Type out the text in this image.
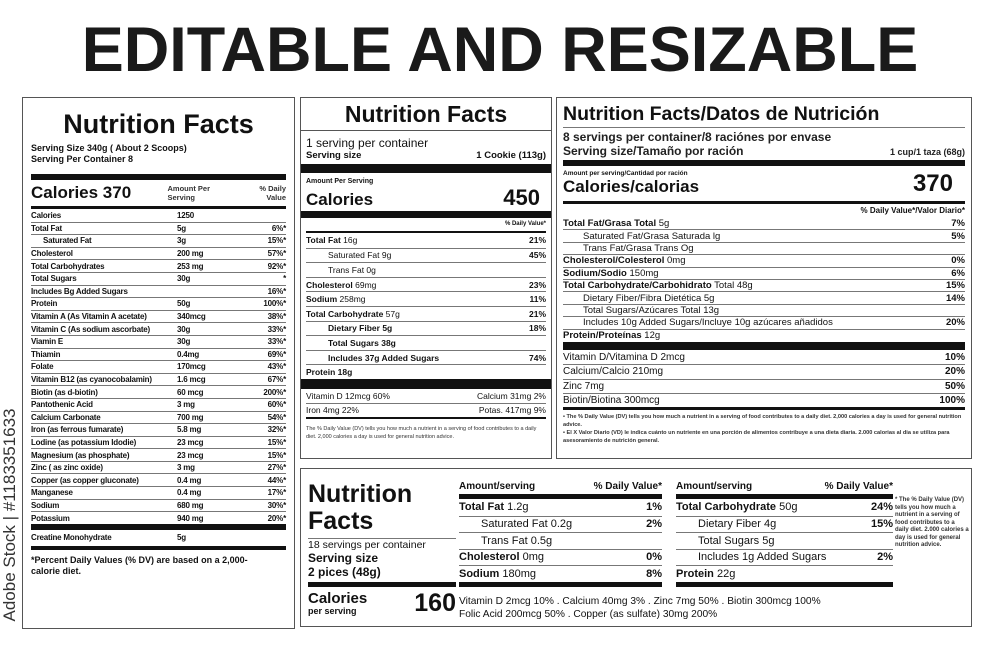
EDITABLE AND RESIZABLE
Adobe Stock | #1183351633
Nutrition Facts
Serving Size 340g ( About 2 Scoops)
Serving Per Container 8
Calories 370	Amount Per Serving
% Daily Value
Calories	1250
Total Fat	5g	6%*
Saturated Fat	3g	15%*
Cholesterol	200 mg	57%*
Total Carbohydrates	253 mg	92%*
Total Sugars	30g	*
Includes Bg Added Sugars	16%*
Protein	50g	100%*
Vitamin A (As Vitamin A acetate)	340mcg	38%*
Vitamin C (As sodium ascorbate)	30g	33%*
Viamin E	30g	33%*
Thiamin	0.4mg	69%*
Folate	170mcg	43%*
Vitamin B12 (as cyanocobalamin)	1.6 mcg	67%*
Biotin (as d-biotin)	60 mcg	200%*
Pantothenic Acid	3 mg	60%*
Calcium Carbonate	700 mg	54%*
Iron (as ferrous fumarate)	5.8 mg	32%*
Lodine (as potassium Idodie)	23 mcg	15%*
Magnesium (as phosphate)	23 mcg	15%*
Zinc ( as zinc oxide)	3 mg	27%*
Copper (as copper gluconate)	0.4 mg	44%*
Manganese	0.4 mg	17%*
Sodium	680 mg	30%*
Potassium	940 mg	20%*
Creatine Monohydrate	5g
*Percent Daily Values (% DV) are based on a 2,000-calorie diet.
Nutrition Facts
1 serving per container
Serving size	1 Cookie (113g)
Amount Per Serving
Calories	450
% Daily Value*
Total Fat 16g	21%
Saturated Fat 9g	45%
Trans Fat 0g
Cholesterol 69mg	23%
Sodium 258mg	11%
Total Carbohydrate 57g	21%
Dietary Fiber 5g	18%
Total Sugars 38g
Includes 37g Added Sugars	74%
Protein 18g
Vitamin D 12mcg 60%	Calcium 31mg 2%
Iron 4mg 22%	Potas. 417mg 9%
The % Daily Value (DV) tells you how much a nutrient in a serving of food contributes to a daily diet. 2,000 calories a day is used for general nutrition advice.
Nutrition Facts/Datos de Nutrición
8 servings per container/8 raciónes por envase
Serving size/Tamaño por ración	1 cup/1 taza (68g)
Amount per serving/Cantidad por ración
Calories/calorias	370
% Daily Value*/Valor Diario*
Total Fat/Grasa Total 5g	7%
Saturated Fat/Grasa Saturada lg	5%
Trans Fat/Grasa Trans Og
Cholesterol/Colesterol 0mg	0%
Sodium/Sodio 150mg	6%
Total Carbohydrate/Carbohidrato Total 48g	15%
Dietary Fiber/Fibra Dietética 5g	14%
Total Sugars/Azúcares Total 13g
Includes 10g Added Sugars/Incluye 10g azúcares añadidos	20%
Protein/Proteínas 12g
Vitamin D/Vitamina D 2mcg	10%
Calcium/Calcio 210mg	20%
Zinc 7mg	50%
Biotin/Biotina 300mcg	100%
• The % Daily Value (DV) tells you how much a nutrient in a serving of food contributes to a daily diet. 2,000 calories a day is used for general nutrition advice.
• El X Valor Diario (VD) le indica cuánto un nutriente en una porción de alimentos contribuye a una dieta diaria. 2.000 calorias al dia se utiliza para asesoramiento de nutrición general.
Nutrition
Facts
18 servings per container
Serving size
2 pices (48g)
Calories
per serving	160
Amount/serving	% Daily Value*
Total Fat 1.2g	1%
Saturated Fat 0.2g	2%
Trans Fat 0.5g
Cholesterol 0mg	0%
Sodium 180mg	8%
Amount/serving	% Daily Value*
Total Carbohydrate 50g	24%
Dietary Fiber 4g	15%
Total Sugars 5g
Includes 1g Added Sugars	2%
Protein 22g
Vitamin D 2mcg 10% . Calcium 40mg 3% . Zinc 7mg 50% . Biotin 300mcg 100%
Folic Acid 200mcg 50% . Copper (as sulfate) 30mg 200%
* The % Daily Value (DV) tells you how much a nutrient in a serving of food contributes to a daily diet. 2.000 calories a day is used for general nutrition advice.
